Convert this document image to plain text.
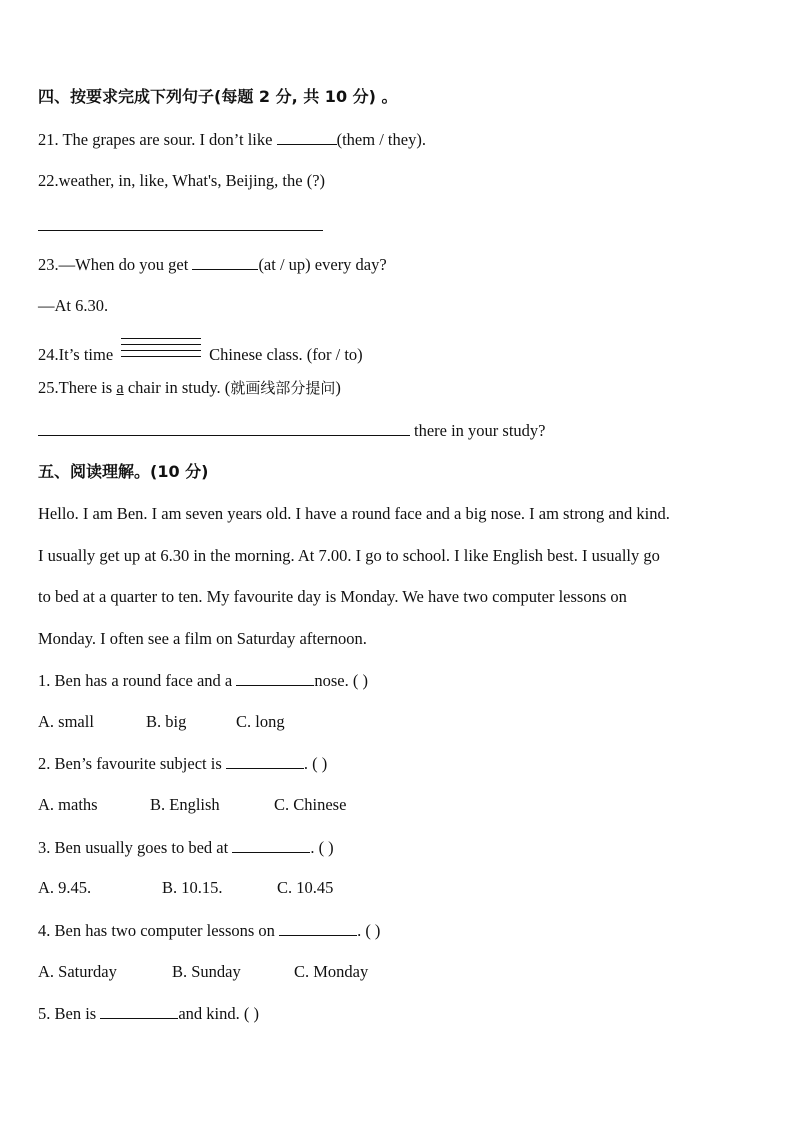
四、按要求完成下列句子(每题 2 分, 共 10 分) 。
21. The grapes are sour. I don’t like	(them / they).
22.weather, in, like, What's, Beijing, the (?)
23.—When do you get	(at / up) every day?
—At 6.30.
24.It’s time	Chinese class. (for / to)
25.There is a chair in study. (就画线部分提问)
there in your study?
五、阅读理解。(10 分)
Hello. I am Ben. I am seven years old. I have a round face and a big nose. I am strong and kind.
I usually get up at 6.30 in the morning. At 7.00. I go to school. I like English best. I usually go
to bed at a quarter to ten. My favourite day is Monday. We have two computer lessons on
Monday. I often see a film on Saturday afternoon.
1. Ben has a round face and a	nose. ( )
A. small	B. big	C. long
2. Ben’s favourite subject is	. ( )
A. maths	B. English	C. Chinese
3. Ben usually goes to bed at	. ( )
A. 9.45.	B. 10.15.	C. 10.45
4. Ben has two computer lessons on	. ( )
A. Saturday	B. Sunday	C. Monday
5. Ben is	and kind. ( )
